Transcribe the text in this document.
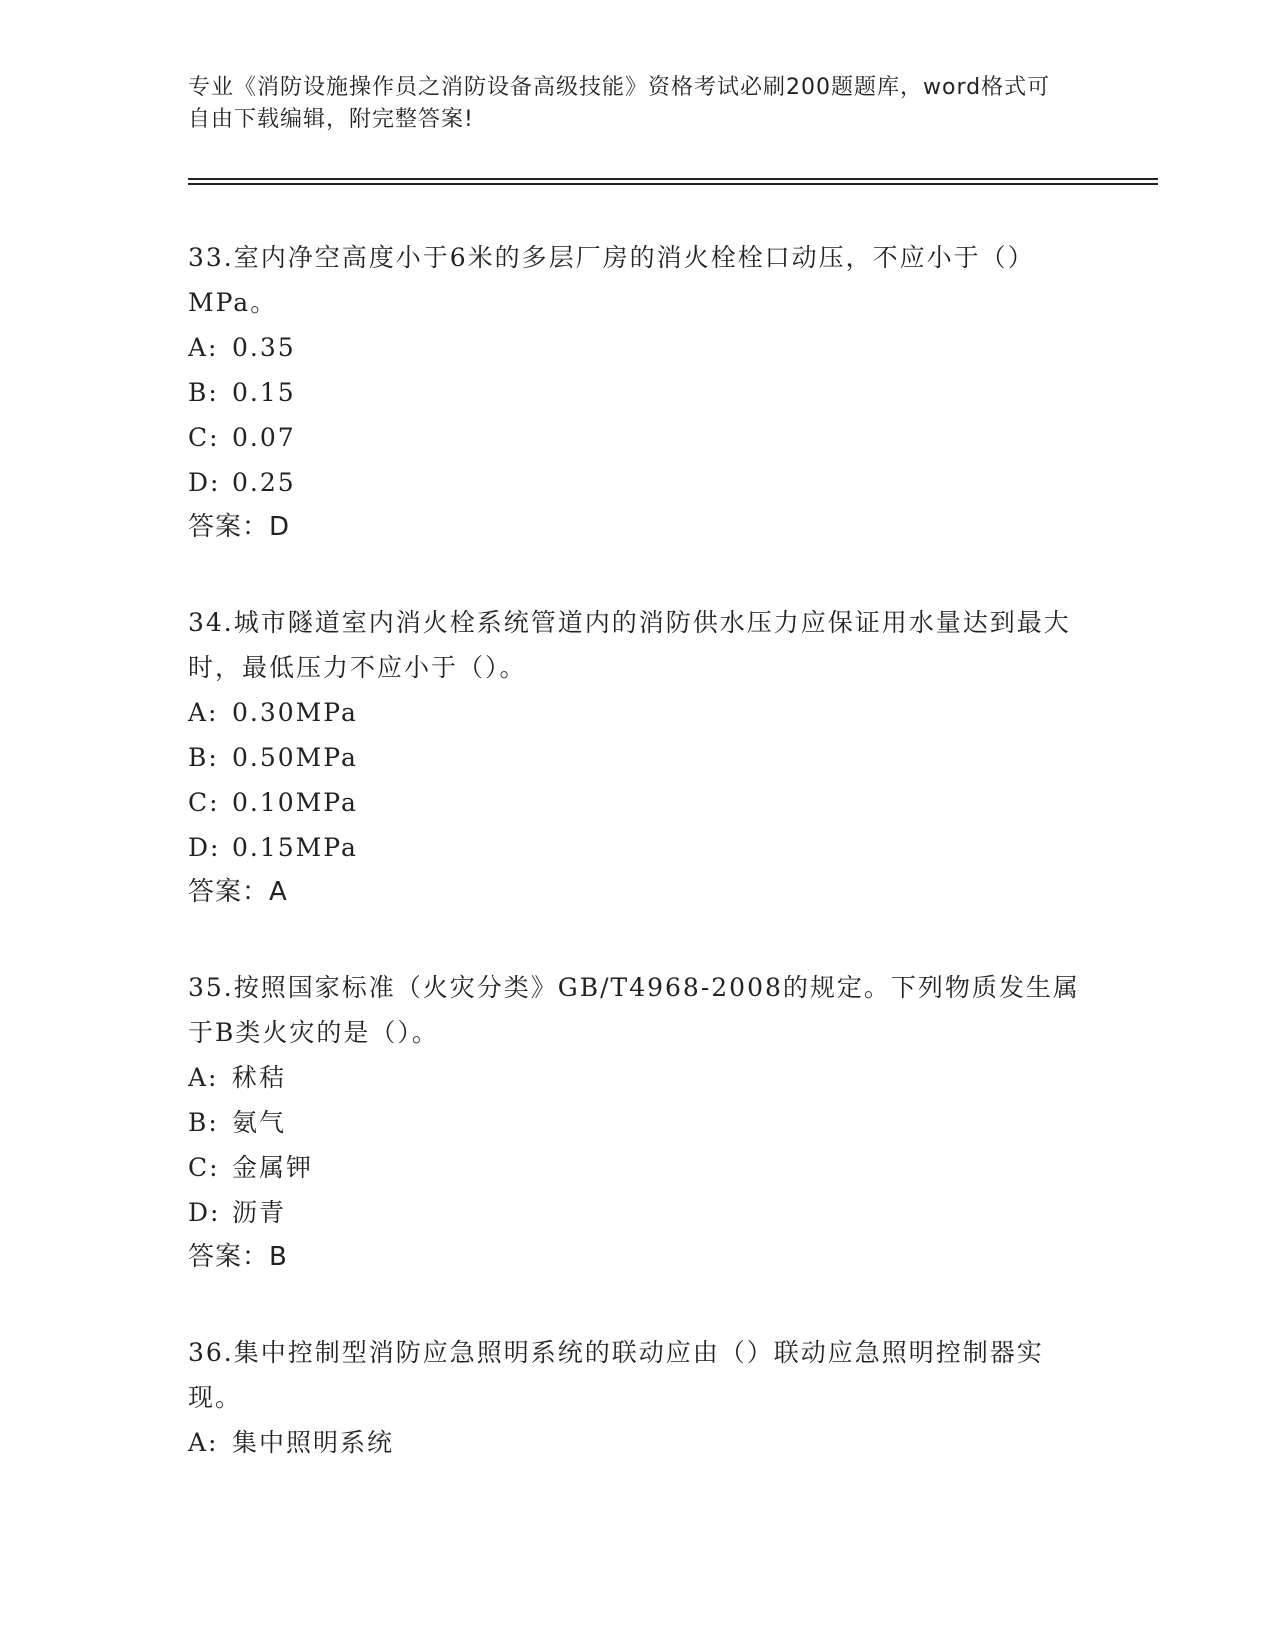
专业《消防设施操作员之消防设备高级技能》资格考试必刷200题题库，word格式可自由下载编辑，附完整答案!

33.室内净空高度小于6米的多层厂房的消火栓栓口动压，不应小于（）MPa。

A: 0.35

B: 0.15

C: 0.07

D: 0.25

答案：D

34.城市隧道室内消火栓系统管道内的消防供水压力应保证用水量达到最大时，最低压力不应小于（）。

A: 0.30MPa

B: 0.50MPa

C: 0.10MPa

D: 0.15MPa

答案：A

35.按照国家标准（火灾分类》GB/T4968-2008的规定。下列物质发生属于B类火灾的是（）。

A: 秫秸

B: 氨气

C: 金属钾

D: 沥青

答案：B

36.集中控制型消防应急照明系统的联动应由（）联动应急照明控制器实现。

A: 集中照明系统
